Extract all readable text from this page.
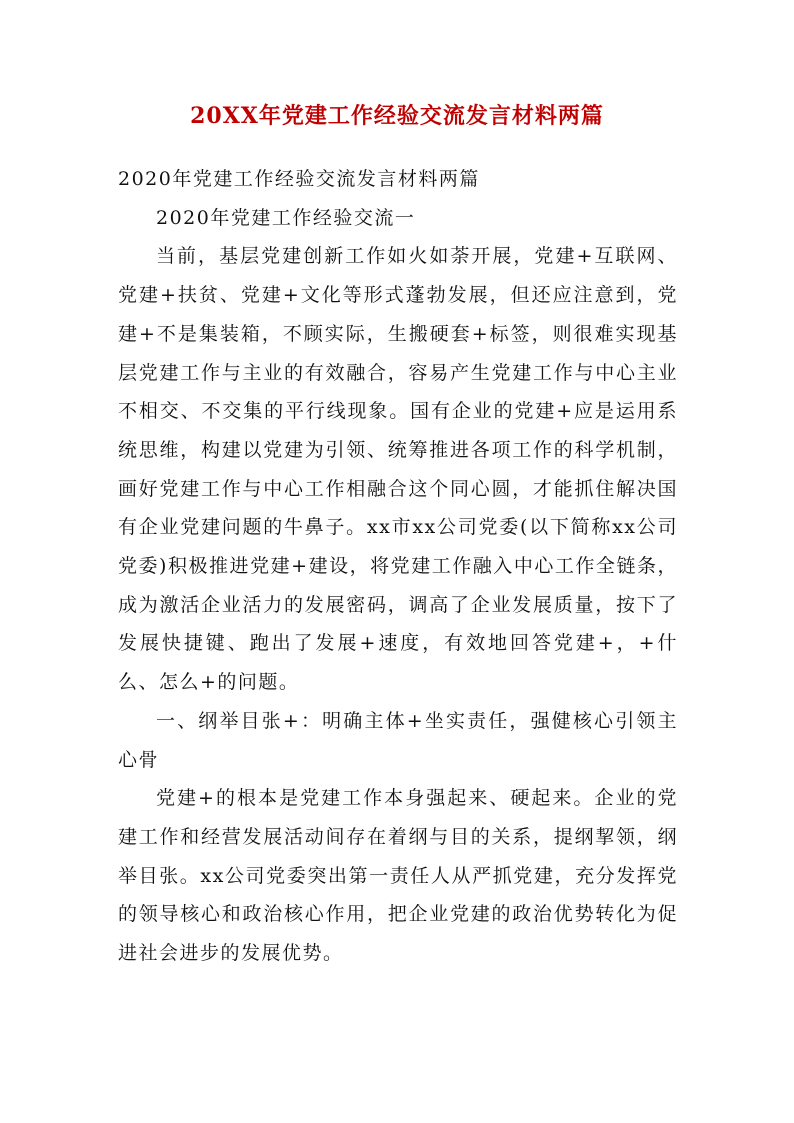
20XX年党建工作经验交流发言材料两篇

2020年党建工作经验交流发言材料两篇

2020年党建工作经验交流一

当前，基层党建创新工作如火如荼开展，党建+互联网、党建+扶贫、党建+文化等形式蓬勃发展，但还应注意到，党建+不是集装箱，不顾实际，生搬硬套+标签，则很难实现基层党建工作与主业的有效融合，容易产生党建工作与中心主业不相交、不交集的平行线现象。国有企业的党建+应是运用系统思维，构建以党建为引领、统筹推进各项工作的科学机制，画好党建工作与中心工作相融合这个同心圆，才能抓住解决国有企业党建问题的牛鼻子。xx市xx公司党委(以下简称xx公司党委)积极推进党建+建设，将党建工作融入中心工作全链条，成为激活企业活力的发展密码，调高了企业发展质量，按下了发展快捷键、跑出了发展+速度，有效地回答党建+，+什么、怎么+的问题。

一、纲举目张+：明确主体+坐实责任，强健核心引领主心骨

党建+的根本是党建工作本身强起来、硬起来。企业的党建工作和经营发展活动间存在着纲与目的关系，提纲挈领，纲举目张。xx公司党委突出第一责任人从严抓党建，充分发挥党的领导核心和政治核心作用，把企业党建的政治优势转化为促进社会进步的发展优势。
